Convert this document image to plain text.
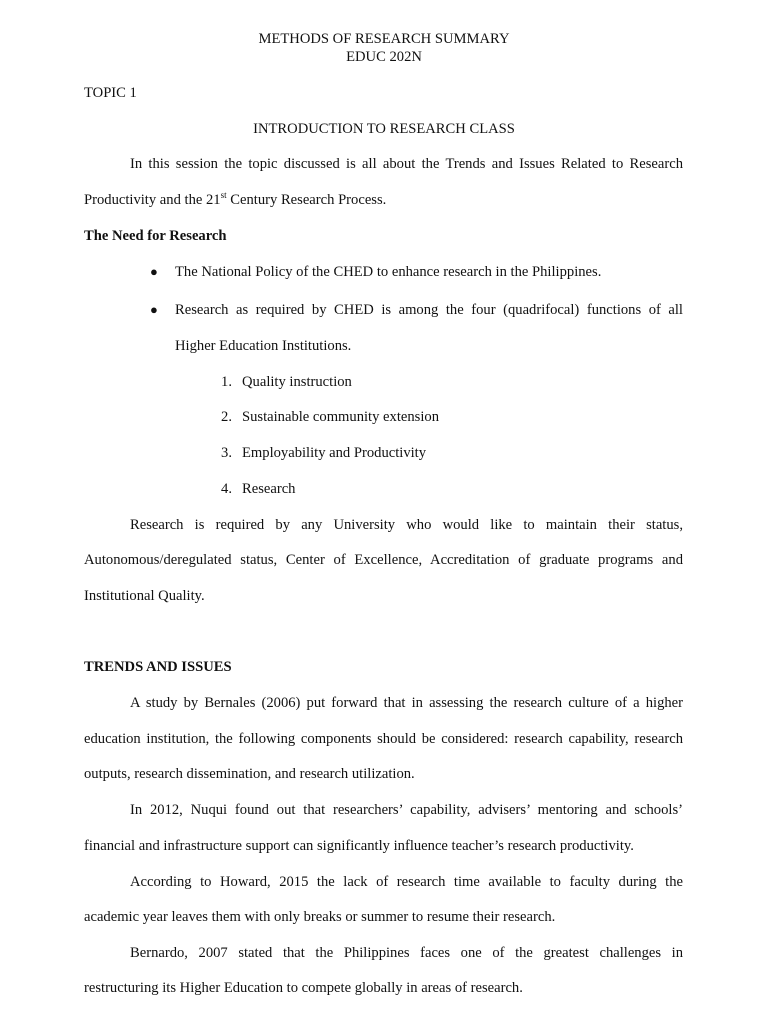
METHODS OF RESEARCH SUMMARY
EDUC 202N
TOPIC 1
INTRODUCTION TO RESEARCH CLASS
In this session the topic discussed is all about the Trends and Issues Related to Research
Productivity and the 21st Century Research Process.
The Need for Research
● The National Policy of the CHED to enhance research in the Philippines.
● Research as required by CHED is among the four (quadrifocal) functions of all
Higher Education Institutions.
1. Quality instruction
2. Sustainable community extension
3. Employability and Productivity
4. Research
Research is required by any University who would like to maintain their status,
Autonomous/deregulated status, Center of Excellence, Accreditation of graduate programs and
Institutional Quality.
TRENDS AND ISSUES
A study by Bernales (2006) put forward that in assessing the research culture of a higher
education institution, the following components should be considered: research capability, research
outputs, research dissemination, and research utilization.
In 2012, Nuqui found out that researchers’ capability, advisers’ mentoring and schools’
financial and infrastructure support can significantly influence teacher’s research productivity.
According to Howard, 2015 the lack of research time available to faculty during the
academic year leaves them with only breaks or summer to resume their research.
Bernardo, 2007 stated that the Philippines faces one of the greatest challenges in
restructuring its Higher Education to compete globally in areas of research.
